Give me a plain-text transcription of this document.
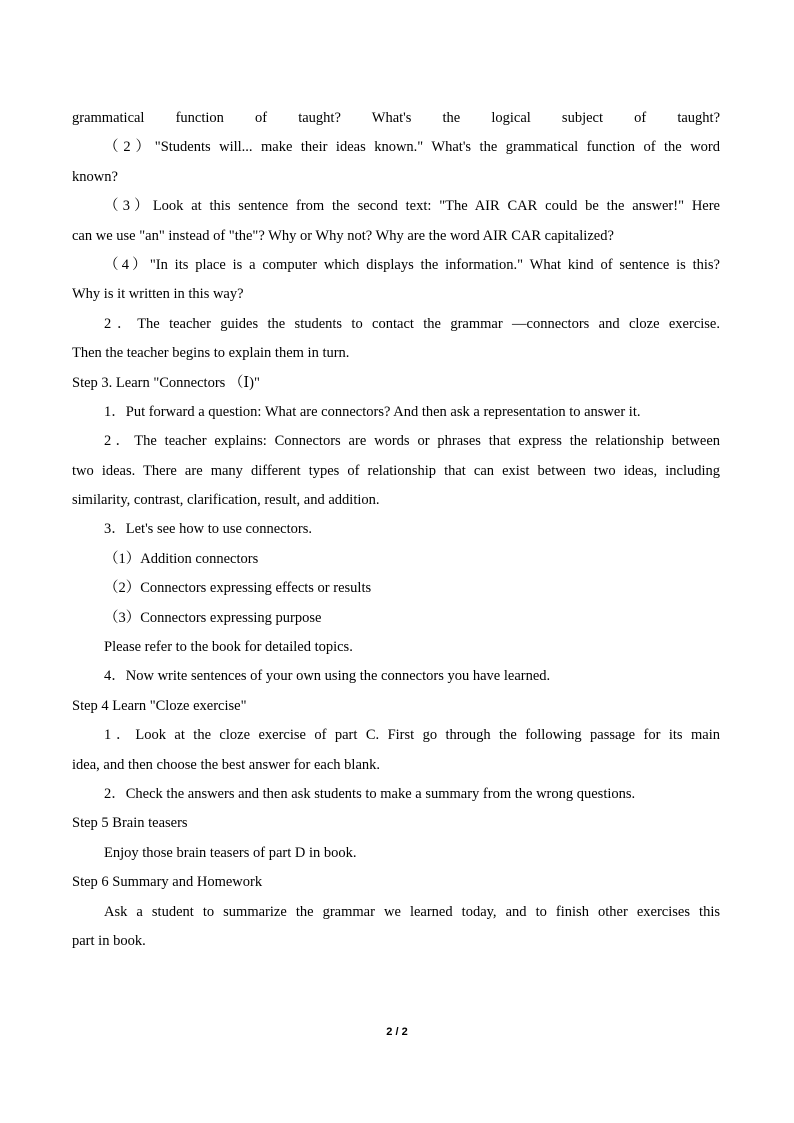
grammatical function of taught? What's the logical subject of taught?
（2）"Students will... make their ideas known." What's the grammatical function of the word
known?
（3）Look at this sentence from the second text: "The AIR CAR could be the answer!" Here
can we use "an" instead of "the"? Why or Why not? Why are the word AIR CAR capitalized?
（4）"In its place is a computer which displays the information." What kind of sentence is this?
Why is it written in this way?
2．The teacher guides the students to contact the grammar —connectors and cloze exercise.
Then the teacher begins to explain them in turn.
Step 3. Learn "Connectors （Ⅰ)"
1．Put forward a question: What are connectors? And then ask a representation to answer it.
2．The teacher explains: Connectors are words or phrases that express the relationship between
two ideas. There are many different types of relationship that can exist between two ideas, including
similarity, contrast, clarification, result, and addition.
3．Let's see how to use connectors.
（1）Addition connectors
（2）Connectors expressing effects or results
（3）Connectors expressing purpose
Please refer to the book for detailed topics.
4．Now write sentences of your own using the connectors you have learned.
Step 4 Learn "Cloze exercise"
1．Look at the cloze exercise of part C. First go through the following passage for its main
idea, and then choose the best answer for each blank.
2．Check the answers and then ask students to make a summary from the wrong questions.
Step 5 Brain teasers
Enjoy those brain teasers of part D in book.
Step 6 Summary and Homework
Ask a student to summarize the grammar we learned today, and to finish other exercises this
part in book.
2 / 2
